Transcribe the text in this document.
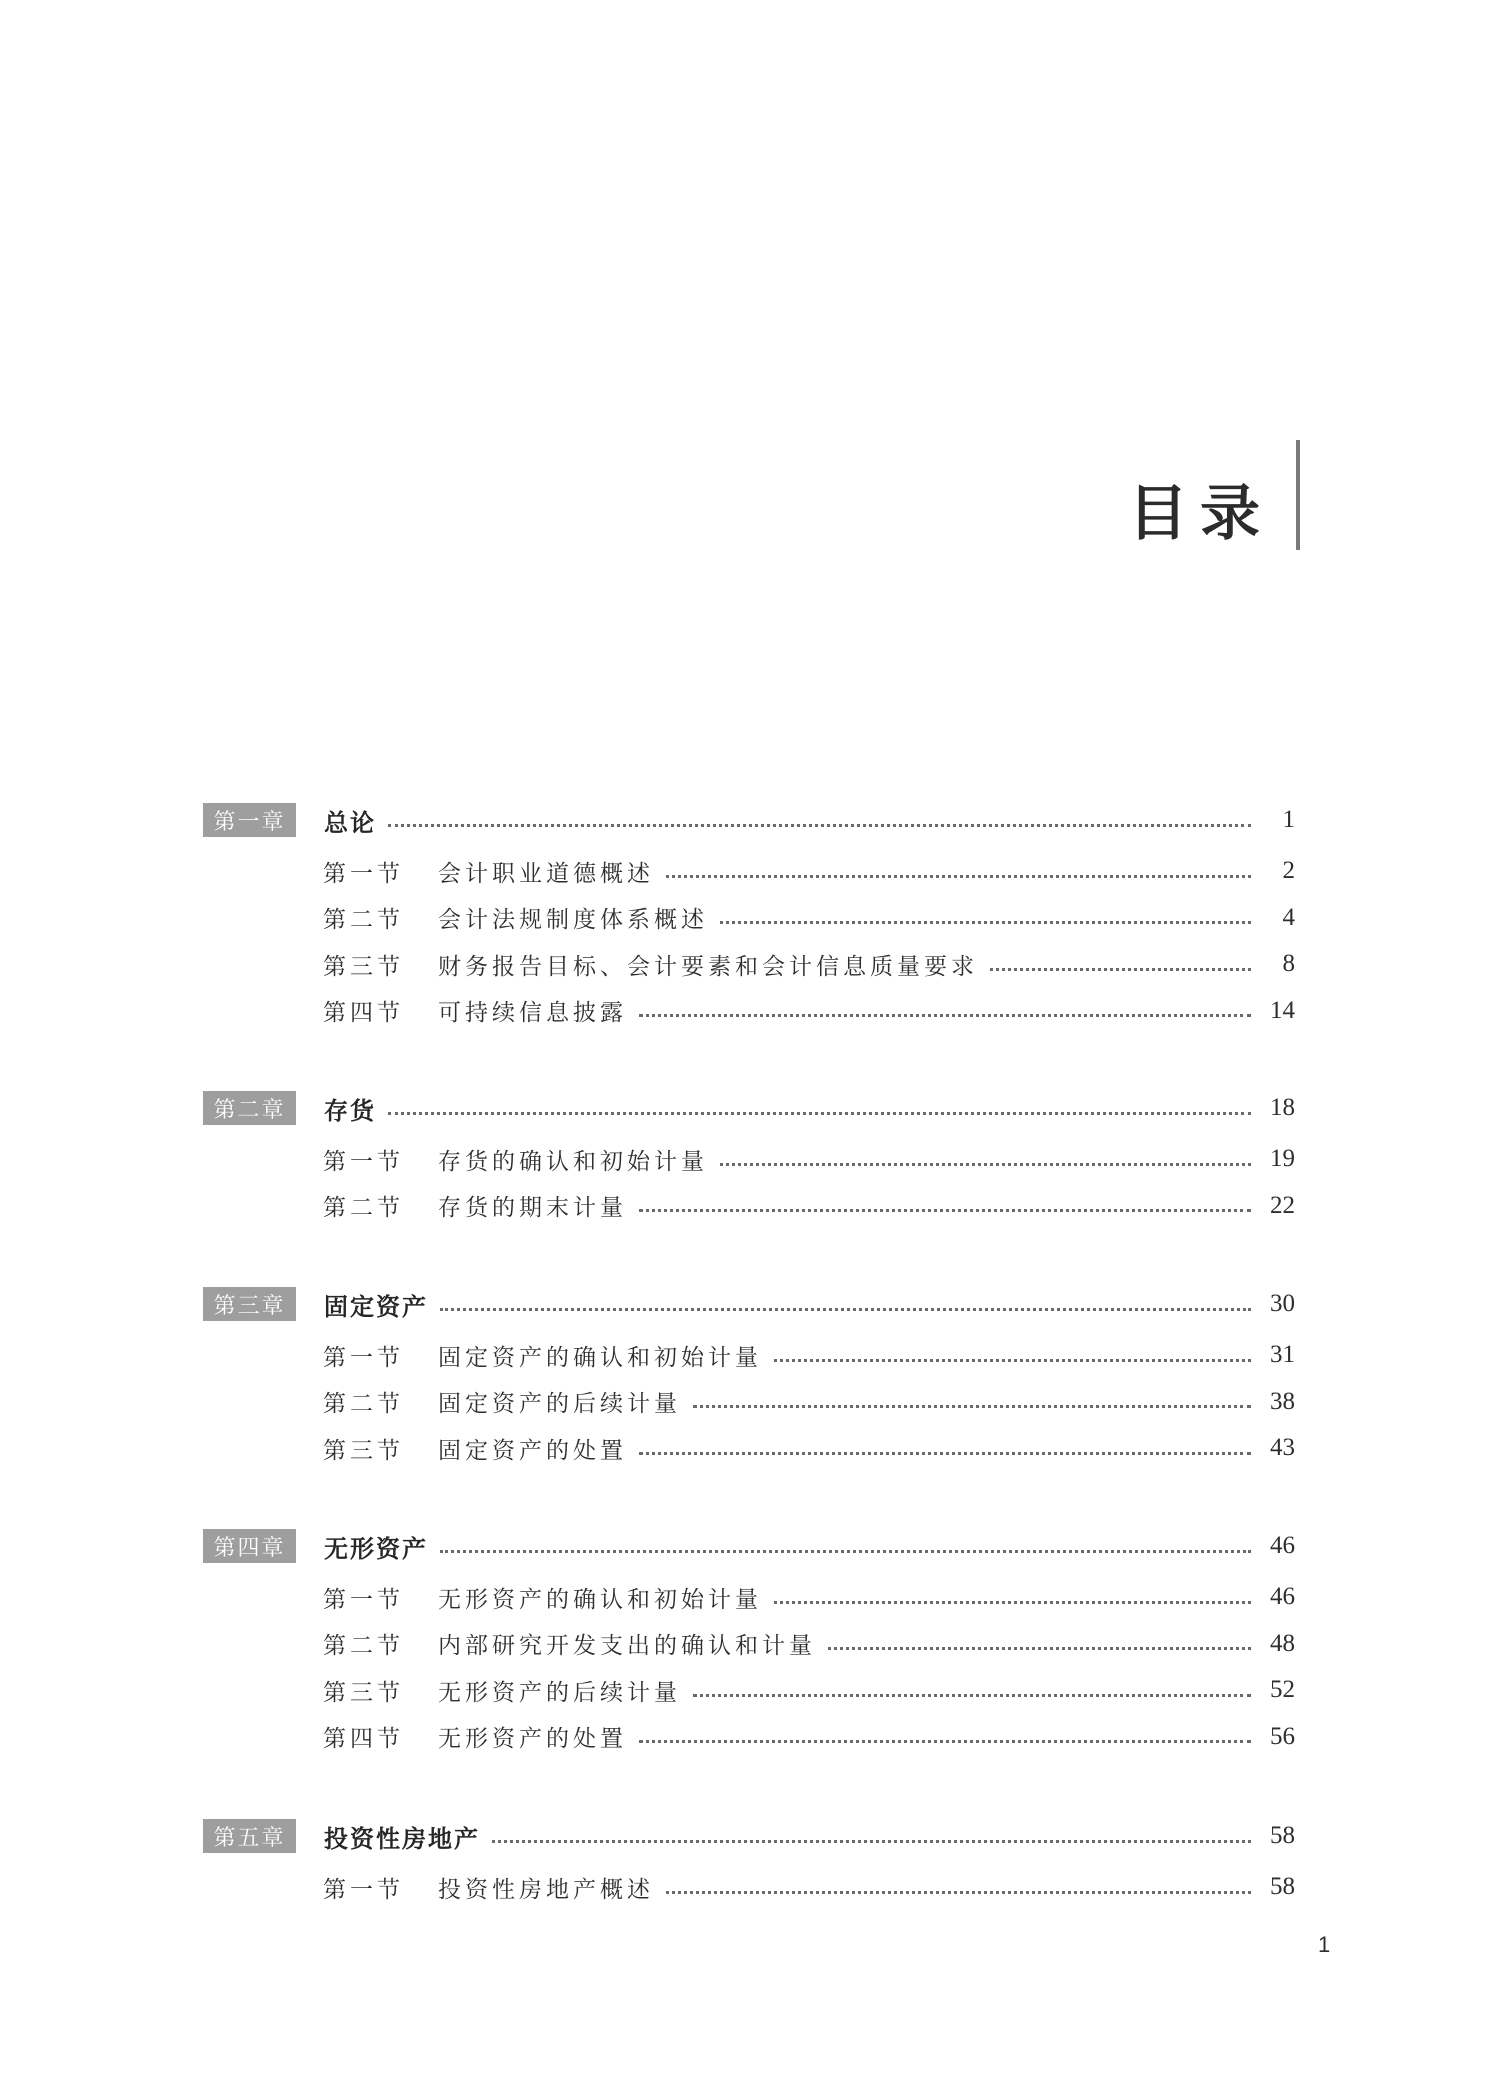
目录
第一章	总论	1
第一节	会计职业道德概述	2
第二节	会计法规制度体系概述	4
第三节	财务报告目标、会计要素和会计信息质量要求	8
第四节	可持续信息披露	14
第二章	存货	18
第一节	存货的确认和初始计量	19
第二节	存货的期末计量	22
第三章	固定资产	30
第一节	固定资产的确认和初始计量	31
第二节	固定资产的后续计量	38
第三节	固定资产的处置	43
第四章	无形资产	46
第一节	无形资产的确认和初始计量	46
第二节	内部研究开发支出的确认和计量	48
第三节	无形资产的后续计量	52
第四节	无形资产的处置	56
第五章	投资性房地产	58
第一节	投资性房地产概述	58
1
